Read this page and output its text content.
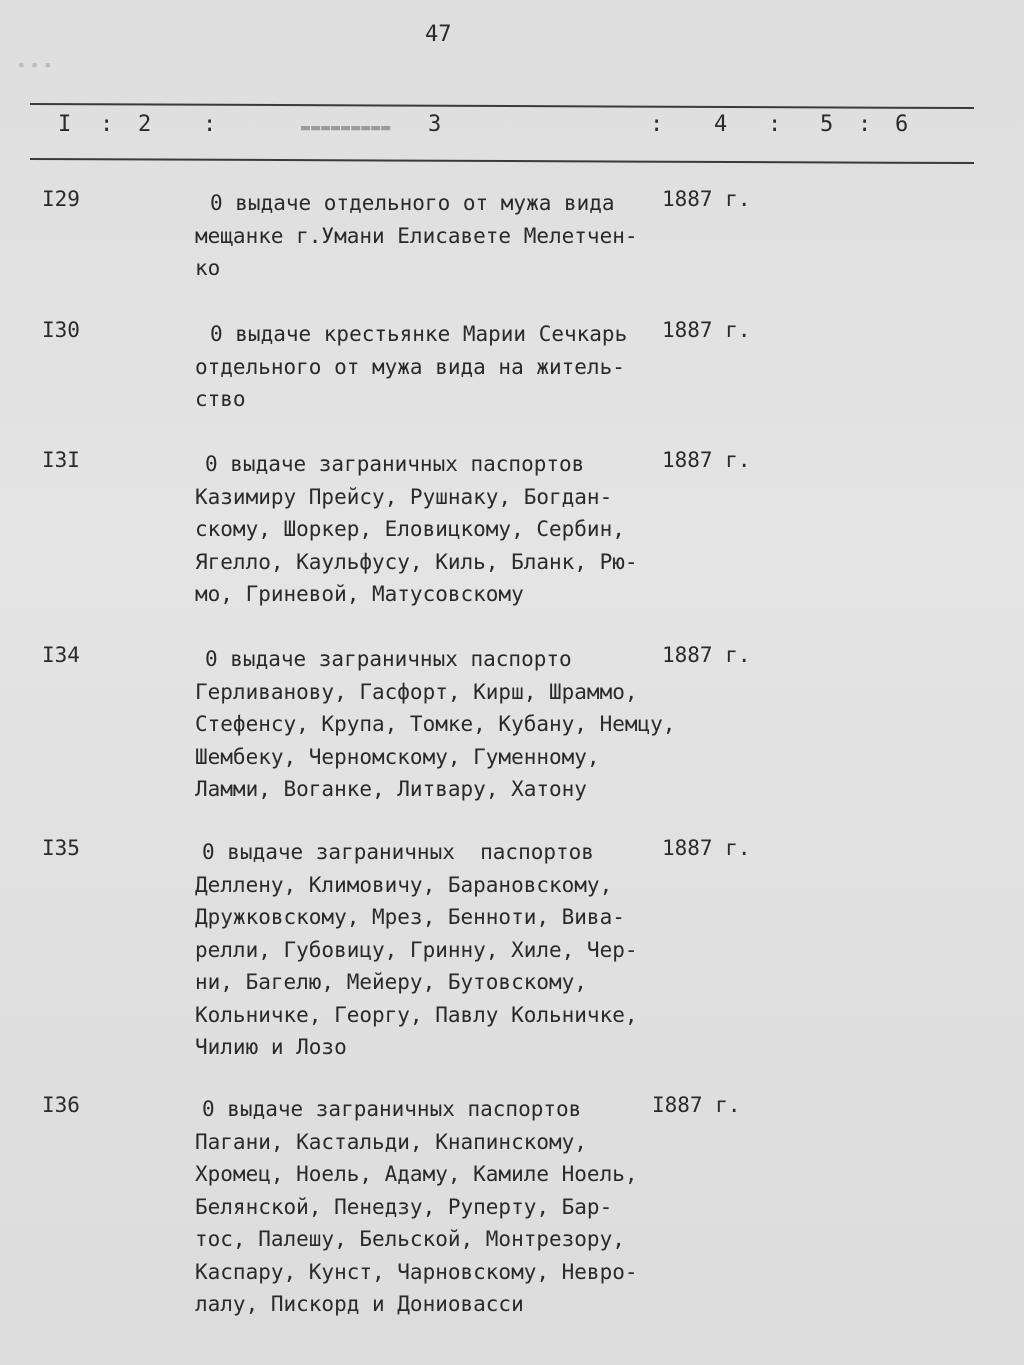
▪ ▪ ▪
47
▬▬▬▬▬▬▬▬▬
I : 2 :	3	: 4 : 5 : 6
I29	0 выдаче отдельного от мужа вида
мещанке г.Умани Елисавете Мелетчен-
ко
1887 г.
I30	0 выдаче крестьянке Марии Сечкарь
отдельного от мужа вида на житель-
ство
1887 г.
I3I	0 выдаче заграничных паспортов
Казимиру Прейсу, Рушнаку, Богдан-
скому, Шоркер, Еловицкому, Сербин,
Ягелло, Каульфусу, Киль, Бланк, Рю-
мо, Гриневой, Матусовскому
1887 г.
I34	0 выдаче заграничных паспорто
Герливанову, Гасфорт, Кирш, Шраммо,
Стефенсу, Крупа, Томке, Кубану, Немцу,
Шембеку, Черномскому, Гуменному,
Ламми, Воганке, Литвару, Хатону
1887 г.
I35	0 выдаче заграничных  паспортов
Деллену, Климовичу, Барановскому,
Дружковскому, Мрез, Бенноти, Вива-
релли, Губовицу, Гринну, Хиле, Чер-
ни, Багелю, Мейеру, Бутовскому,
Кольничке, Георгу, Павлу Кольничке,
Чилию и Лозо
1887 г.
I36	0 выдаче заграничных паспортов
Пагани, Кастальди, Кнапинскому,
Хромец, Ноель, Адаму, Камиле Ноель,
Белянской, Пенедзу, Руперту, Бар-
тос, Палешу, Бельской, Монтрезору,
Каспару, Кунст, Чарновскому, Невро-
лалу, Пискорд и Дониовасси
I887 г.
